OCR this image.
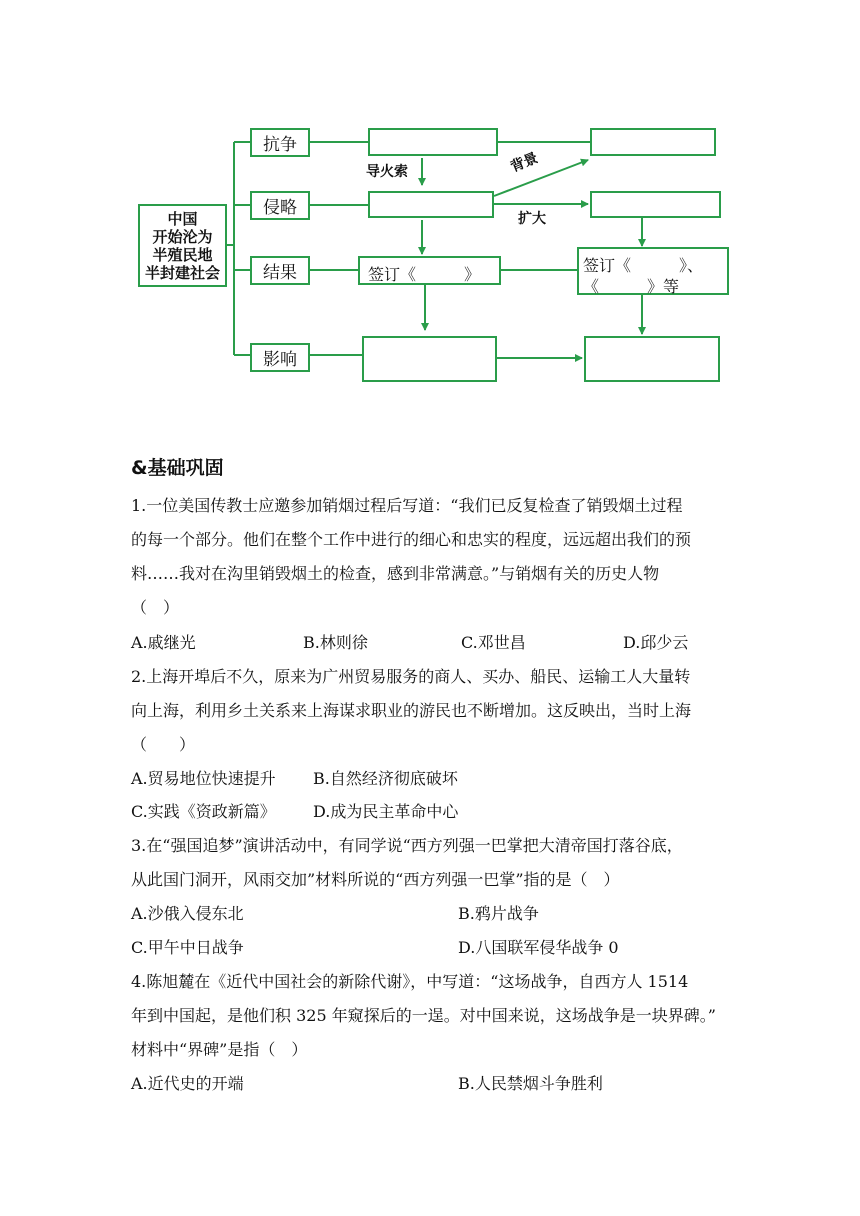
中国
开始沦为
半殖民地
半封建社会
抗争
侵略
结果
影响
签订《　　　》	签订《　　　》、
《　　　》等
导火索	背景
扩大
&基础巩固
1.一位美国传教士应邀参加销烟过程后写道：“我们已反复检查了销毁烟土过程
的每一个部分。他们在整个工作中进行的细心和忠实的程度，远远超出我们的预
料……我对在沟里销毁烟土的检查，感到非常满意。”与销烟有关的历史人物
（　）
A.戚继光	B.林则徐	C.邓世昌	D.邱少云
2.上海开埠后不久，原来为广州贸易服务的商人、买办、船民、运输工人大量转
向上海，利用乡土关系来上海谋求职业的游民也不断增加。这反映出，当时上海
（　　）
A.贸易地位快速提升 B.自然经济彻底破坏
C.实践《资政新篇》 D.成为民主革命中心
3.在“强国追梦”演讲活动中，有同学说“西方列强一巴掌把大清帝国打落谷底，
从此国门洞开，风雨交加”材料所说的“西方列强一巴掌”指的是（　）
A.沙俄入侵东北	B.鸦片战争
C.甲午中日战争	D.八国联军侵华战争 0
4.陈旭麓在《近代中国社会的新除代谢》，中写道：“这场战争，自西方人 1514
年到中国起，是他们积 325 年窥探后的一逞。对中国来说，这场战争是一块界碑。”
材料中“界碑”是指（　）
A.近代史的开端	B.人民禁烟斗争胜利
